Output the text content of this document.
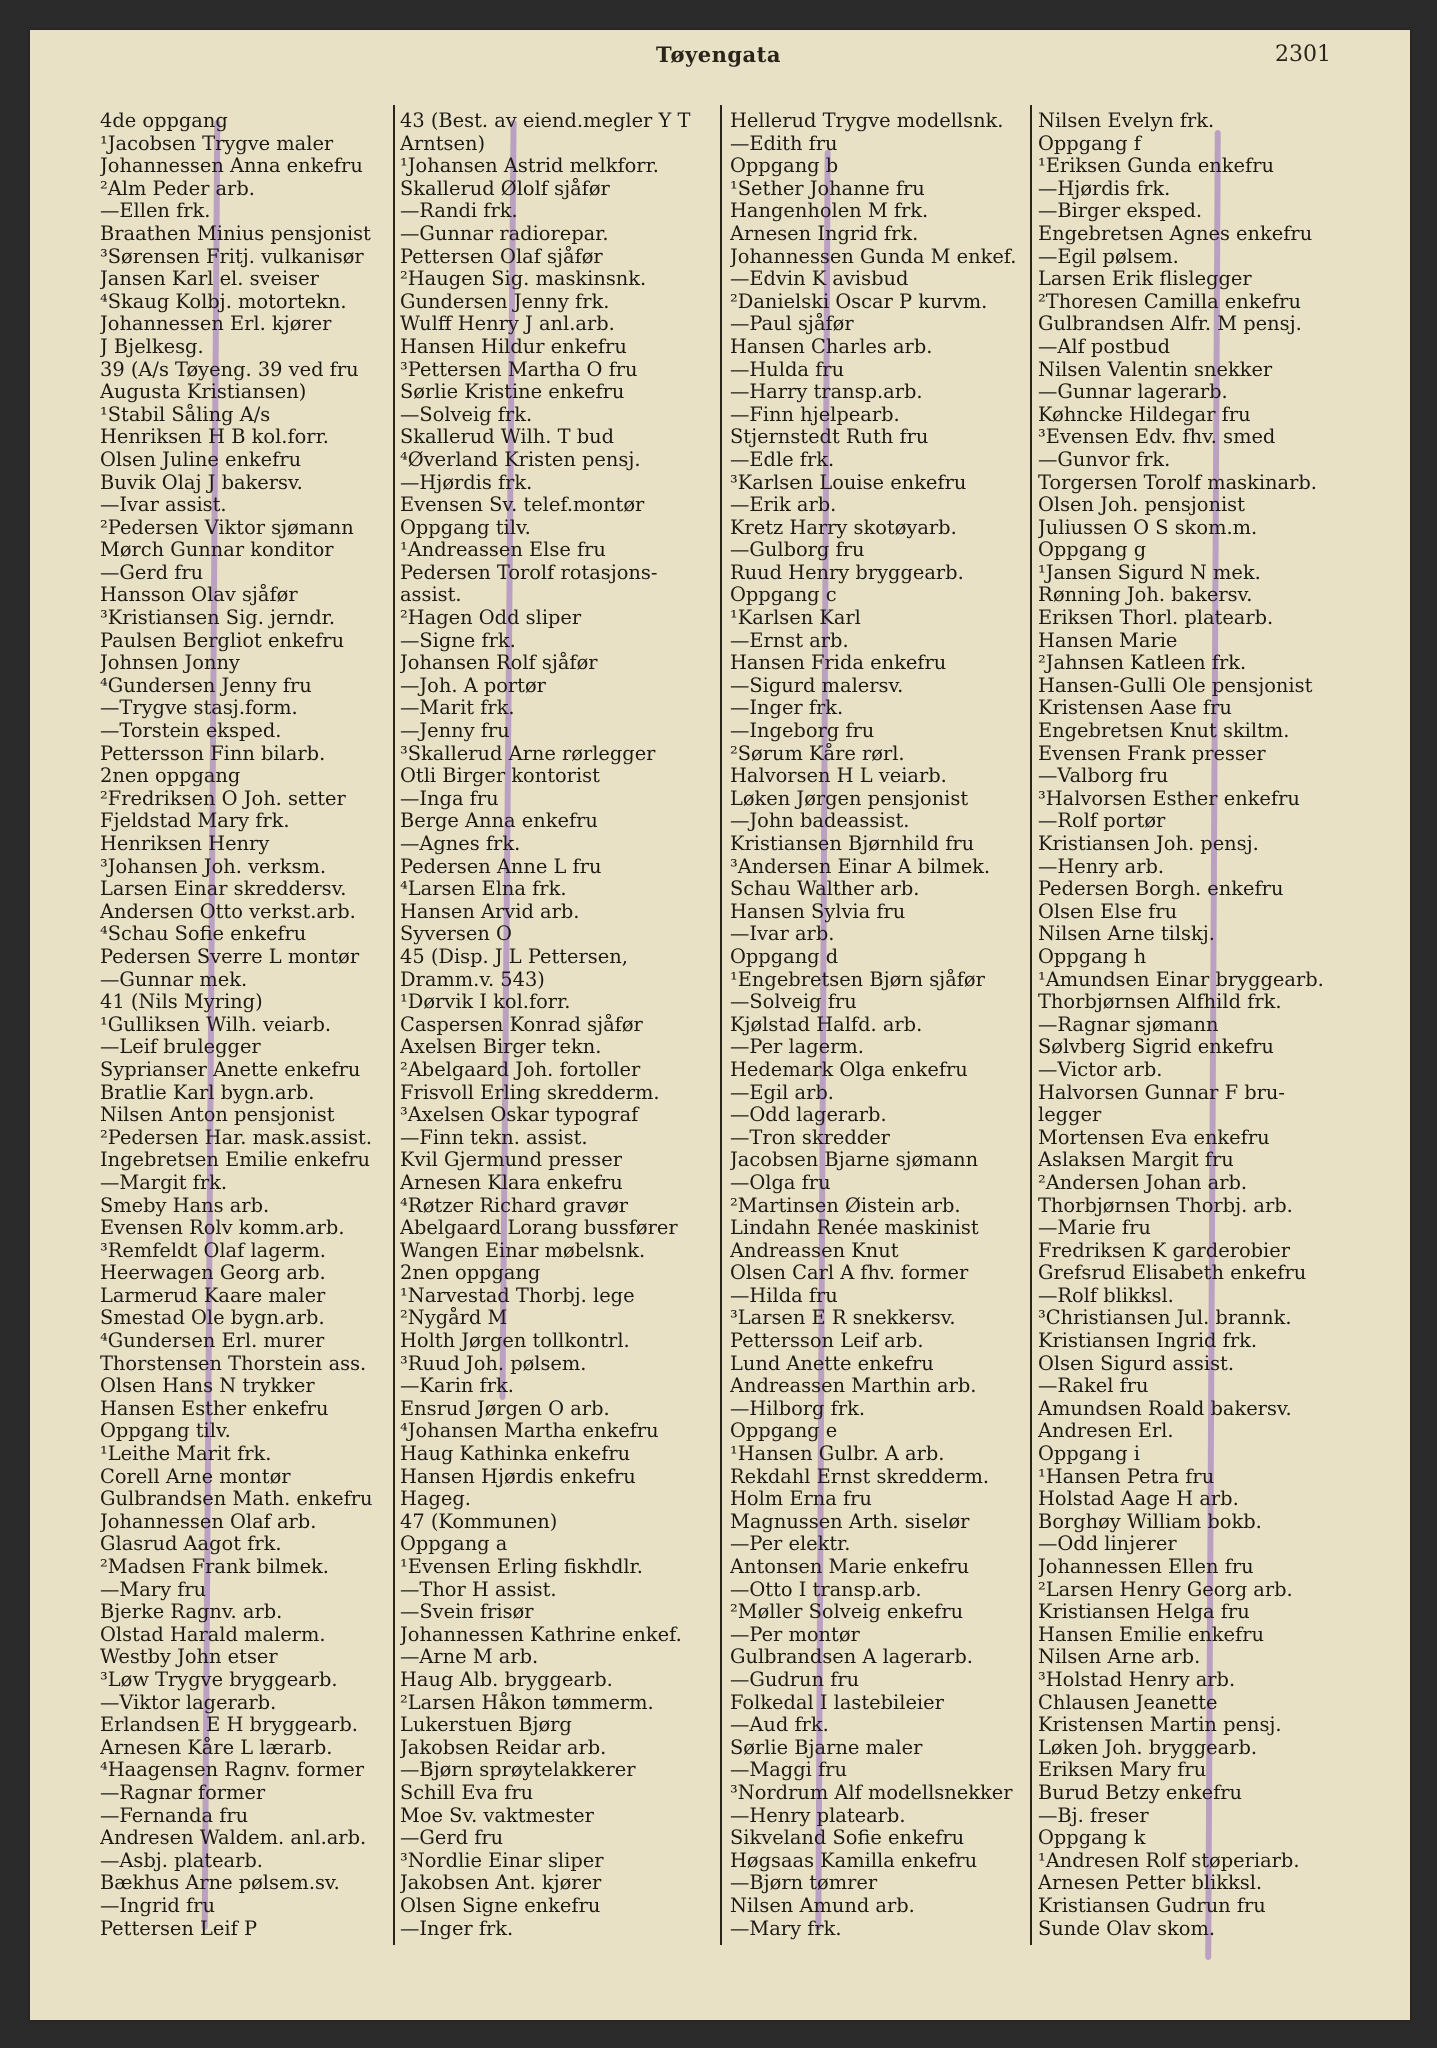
Tøyengata	2301
4de oppgang
¹Jacobsen Trygve maler
Johannessen Anna enkefru
²Alm Peder arb.
—Ellen frk.
Braathen Minius pensjonist
³Sørensen Fritj. vulkanisør
Jansen Karl el. sveiser
⁴Skaug Kolbj. motortekn.
Johannessen Erl. kjører
J Bjelkesg.
39 (A/s Tøyeng. 39 ved fru
Augusta Kristiansen)
¹Stabil Såling A/s
Henriksen H B kol.forr.
Olsen Juline enkefru
Buvik Olaj J bakersv.
—Ivar assist.
²Pedersen Viktor sjømann
Mørch Gunnar konditor
—Gerd fru
Hansson Olav sjåfør
³Kristiansen Sig. jerndr.
Paulsen Bergliot enkefru
Johnsen Jonny
⁴Gundersen Jenny fru
—Trygve stasj.form.
—Torstein eksped.
Pettersson Finn bilarb.
2nen oppgang
²Fredriksen O Joh. setter
Fjeldstad Mary frk.
Henriksen Henry
³Johansen Joh. verksm.
Larsen Einar skreddersv.
Andersen Otto verkst.arb.
⁴Schau Sofie enkefru
Pedersen Sverre L montør
—Gunnar mek.
41 (Nils Myring)
¹Gulliksen Wilh. veiarb.
—Leif brulegger
Syprianser Anette enkefru
Bratlie Karl bygn.arb.
Nilsen Anton pensjonist
²Pedersen Har. mask.assist.
Ingebretsen Emilie enkefru
—Margit frk.
Smeby Hans arb.
Evensen Rolv komm.arb.
³Remfeldt Olaf lagerm.
Heerwagen Georg arb.
Larmerud Kaare maler
Smestad Ole bygn.arb.
⁴Gundersen Erl. murer
Thorstensen Thorstein ass.
Olsen Hans N trykker
Hansen Esther enkefru
Oppgang tilv.
¹Leithe Marit frk.
Corell Arne montør
Gulbrandsen Math. enkefru
Johannessen Olaf arb.
Glasrud Aagot frk.
²Madsen Frank bilmek.
—Mary fru
Bjerke Ragnv. arb.
Olstad Harald malerm.
Westby John etser
³Løw Trygve bryggearb.
—Viktor lagerarb.
Erlandsen E H bryggearb.
Arnesen Kåre L lærarb.
⁴Haagensen Ragnv. former
—Ragnar former
—Fernanda fru
Andresen Waldem. anl.arb.
—Asbj. platearb.
Bækhus Arne pølsem.sv.
—Ingrid fru
Pettersen Leif P
43 (Best. av eiend.megler Y T
Arntsen)
¹Johansen Astrid melkforr.
Skallerud Ølolf sjåfør
—Randi frk.
—Gunnar radiorepar.
Pettersen Olaf sjåfør
²Haugen Sig. maskinsnk.
Gundersen Jenny frk.
Wulff Henry J anl.arb.
Hansen Hildur enkefru
³Pettersen Martha O fru
Sørlie Kristine enkefru
—Solveig frk.
Skallerud Wilh. T bud
⁴Øverland Kristen pensj.
—Hjørdis frk.
Evensen Sv. telef.montør
Oppgang tilv.
¹Andreassen Else fru
Pedersen Torolf rotasjons-
assist.
²Hagen Odd sliper
—Signe frk.
Johansen Rolf sjåfør
—Joh. A portør
—Marit frk.
—Jenny fru
³Skallerud Arne rørlegger
Otli Birger kontorist
—Inga fru
Berge Anna enkefru
—Agnes frk.
Pedersen Anne L fru
⁴Larsen Elna frk.
Hansen Arvid arb.
Syversen O
45 (Disp. J L Pettersen,
Dramm.v. 543)
¹Dørvik I kol.forr.
Caspersen Konrad sjåfør
Axelsen Birger tekn.
²Abelgaard Joh. fortoller
Frisvoll Erling skredderm.
³Axelsen Oskar typograf
—Finn tekn. assist.
Kvil Gjermund presser
Arnesen Klara enkefru
⁴Røtzer Richard gravør
Abelgaard Lorang bussfører
Wangen Einar møbelsnk.
2nen oppgang
¹Narvestad Thorbj. lege
²Nygård M
Holth Jørgen tollkontrl.
³Ruud Joh. pølsem.
—Karin frk.
Ensrud Jørgen O arb.
⁴Johansen Martha enkefru
Haug Kathinka enkefru
Hansen Hjørdis enkefru
Hageg.
47 (Kommunen)
Oppgang a
¹Evensen Erling fiskhdlr.
—Thor H assist.
—Svein frisør
Johannessen Kathrine enkef.
—Arne M arb.
Haug Alb. bryggearb.
²Larsen Håkon tømmerm.
Lukerstuen Bjørg
Jakobsen Reidar arb.
—Bjørn sprøytelakkerer
Schill Eva fru
Moe Sv. vaktmester
—Gerd fru
³Nordlie Einar sliper
Jakobsen Ant. kjører
Olsen Signe enkefru
—Inger frk.
Hellerud Trygve modellsnk.
—Edith fru
Oppgang b
¹Sether Johanne fru
Hangenholen M frk.
Arnesen Ingrid frk.
Johannessen Gunda M enkef.
—Edvin K avisbud
²Danielski Oscar P kurvm.
—Paul sjåfør
Hansen Charles arb.
—Hulda fru
—Harry transp.arb.
—Finn hjelpearb.
Stjernstedt Ruth fru
—Edle frk.
³Karlsen Louise enkefru
—Erik arb.
Kretz Harry skotøyarb.
—Gulborg fru
Ruud Henry bryggearb.
Oppgang c
¹Karlsen Karl
—Ernst arb.
Hansen Frida enkefru
—Sigurd malersv.
—Inger frk.
—Ingeborg fru
²Sørum Kåre rørl.
Halvorsen H L veiarb.
Løken Jørgen pensjonist
—John badeassist.
Kristiansen Bjørnhild fru
³Andersen Einar A bilmek.
Schau Walther arb.
Hansen Sylvia fru
—Ivar arb.
Oppgang d
¹Engebretsen Bjørn sjåfør
—Solveig fru
Kjølstad Halfd. arb.
—Per lagerm.
Hedemark Olga enkefru
—Egil arb.
—Odd lagerarb.
—Tron skredder
Jacobsen Bjarne sjømann
—Olga fru
²Martinsen Øistein arb.
Lindahn Renée maskinist
Andreassen Knut
Olsen Carl A fhv. former
—Hilda fru
³Larsen E R snekkersv.
Pettersson Leif arb.
Lund Anette enkefru
Andreassen Marthin arb.
—Hilborg frk.
Oppgang e
¹Hansen Gulbr. A arb.
Rekdahl Ernst skredderm.
Holm Erna fru
Magnussen Arth. siselør
—Per elektr.
Antonsen Marie enkefru
—Otto I transp.arb.
²Møller Solveig enkefru
—Per montør
Gulbrandsen A lagerarb.
—Gudrun fru
Folkedal I lastebileier
—Aud frk.
Sørlie Bjarne maler
—Maggi fru
³Nordrum Alf modellsnekker
—Henry platearb.
Sikveland Sofie enkefru
Høgsaas Kamilla enkefru
—Bjørn tømrer
Nilsen Amund arb.
—Mary frk.
Nilsen Evelyn frk.
Oppgang f
¹Eriksen Gunda enkefru
—Hjørdis frk.
—Birger eksped.
Engebretsen Agnes enkefru
—Egil pølsem.
Larsen Erik flislegger
²Thoresen Camilla enkefru
Gulbrandsen Alfr. M pensj.
—Alf postbud
Nilsen Valentin snekker
—Gunnar lagerarb.
Køhncke Hildegar fru
³Evensen Edv. fhv. smed
—Gunvor frk.
Torgersen Torolf maskinarb.
Olsen Joh. pensjonist
Juliussen O S skom.m.
Oppgang g
¹Jansen Sigurd N mek.
Rønning Joh. bakersv.
Eriksen Thorl. platearb.
Hansen Marie
²Jahnsen Katleen frk.
Hansen-Gulli Ole pensjonist
Kristensen Aase fru
Engebretsen Knut skiltm.
Evensen Frank presser
—Valborg fru
³Halvorsen Esther enkefru
—Rolf portør
Kristiansen Joh. pensj.
—Henry arb.
Pedersen Borgh. enkefru
Olsen Else fru
Nilsen Arne tilskj.
Oppgang h
¹Amundsen Einar bryggearb.
Thorbjørnsen Alfhild frk.
—Ragnar sjømann
Sølvberg Sigrid enkefru
—Victor arb.
Halvorsen Gunnar F bru-
legger
Mortensen Eva enkefru
Aslaksen Margit fru
²Andersen Johan arb.
Thorbjørnsen Thorbj. arb.
—Marie fru
Fredriksen K garderobier
Grefsrud Elisabeth enkefru
—Rolf blikksl.
³Christiansen Jul. brannk.
Kristiansen Ingrid frk.
Olsen Sigurd assist.
—Rakel fru
Amundsen Roald bakersv.
Andresen Erl.
Oppgang i
¹Hansen Petra fru
Holstad Aage H arb.
Borghøy William bokb.
—Odd linjerer
Johannessen Ellen fru
²Larsen Henry Georg arb.
Kristiansen Helga fru
Hansen Emilie enkefru
Nilsen Arne arb.
³Holstad Henry arb.
Chlausen Jeanette
Kristensen Martin pensj.
Løken Joh. bryggearb.
Eriksen Mary fru
Burud Betzy enkefru
—Bj. freser
Oppgang k
¹Andresen Rolf støperiarb.
Arnesen Petter blikksl.
Kristiansen Gudrun fru
Sunde Olav skom.
